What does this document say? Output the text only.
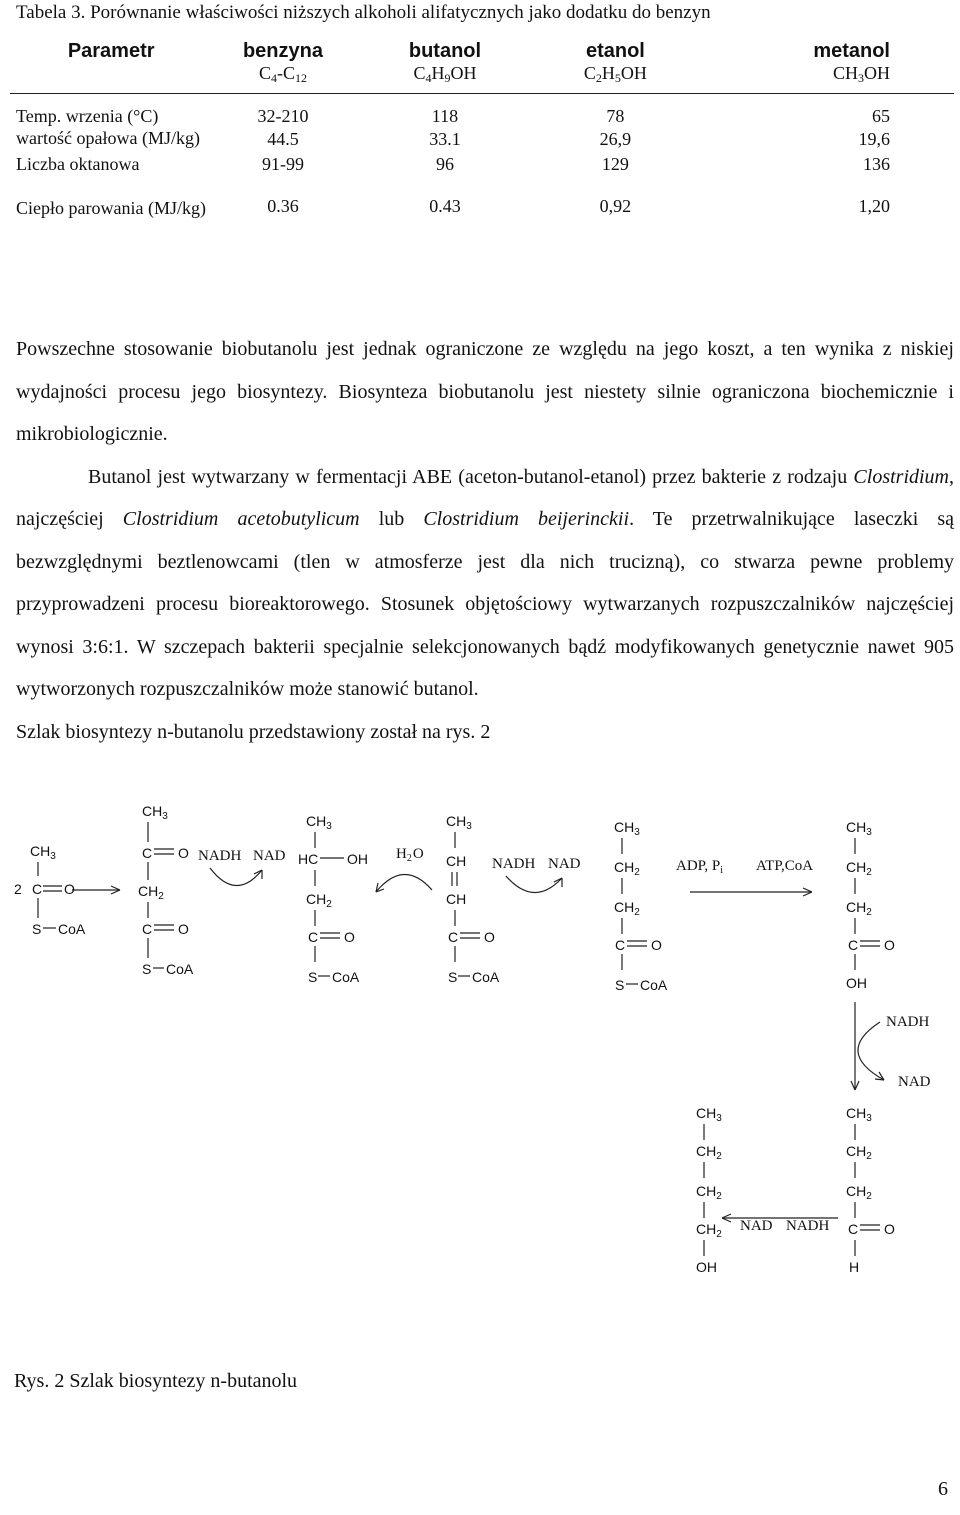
Tabela 3. Porównanie właściwości niższych alkoholi alifatycznych jako dodatku do benzyn
Parametr	benzyna	butanol	etanol	metanol
	$C_4-C_{12}$	$C_4H_9OH$	$C_2H_5OH$	$CH_3OH$
Temp. wrzenia (°C)	32-210	118	78	65
wartość opałowa (MJ/kg)	44.5	33.1	26,9	19,6
Liczba oktanowa	91-99	96	129	136
Ciepło parowania (MJ/kg)	0.36	0.43	0,92	1,20

Powszechne stosowanie biobutanolu jest jednak ograniczone ze względu na jego koszt, a ten wynika z niskiej wydajności procesu jego biosyntezy. Biosynteza biobutanolu jest niestety silnie ograniczona biochemicznie i mikrobiologicznie.

Butanol jest wytwarzany w fermentacji ABE (aceton-butanol-etanol) przez bakterie z rodzaju Clostridium, najczęściej Clostridium acetobutylicum lub Clostridium beijerinckii. Te przetrwalnikujące laseczki są bezwzględnymi beztlenowcami (tlen w atmosferze jest dla nich trucizną), co stwarza pewne problemy przyprowadzeni procesu bioreaktorowego. Stosunek objętościowy wytwarzanych rozpuszczalników najczęściej wynosi 3:6:1. W szczepach bakterii specjalnie selekcjonowanych bądź modyfikowanych genetycznie nawet 905 wytworzonych rozpuszczalników może stanowić butanol.

Szlak biosyntezy n-butanolu przedstawiony został na rys. 2

$CH_3$
2 C O
S CoA
$CH_3$
C O
$CH_2$
C O
S CoA
NADH NAD
$CH_3$
HC OH
$CH_2$
C O
S CoA
$H_2O$
$CH_3$
CH
CH
C O
S CoA
NADH NAD
$CH_3$
$CH_2$
$CH_2$
C O
S CoA
ADP, $P_i$ ATP,CoA
$CH_3$
$CH_2$
$CH_2$
C O
OH
NADH
NAD
$CH_3$
$CH_2$
$CH_2$
$CH_2$
OH
NAD NADH
$CH_3$
$CH_2$
$CH_2$
C O
H
Rys. 2 Szlak biosyntezy n-butanolu
6
